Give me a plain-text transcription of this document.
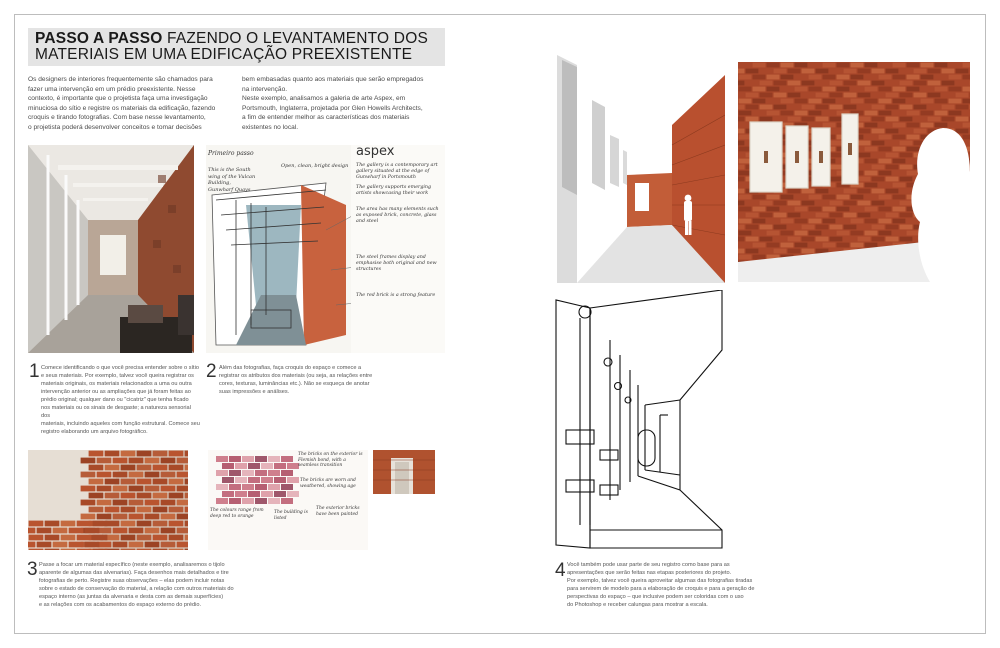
PASSO A PASSO FAZENDO O LEVANTAMENTO DOS
MATERIAIS EM UMA EDIFICAÇÃO PREEXISTENTE
Os designers de interiores frequentemente são chamados para
fazer uma intervenção em um prédio preexistente. Nesse
contexto, é importante que o projetista faça uma investigação
minuciosa do sítio e registre os materiais da edificação, fazendo
croquis e tirando fotografias. Com base nesse levantamento,
o projetista poderá desenvolver conceitos e tomar decisões
bem embasadas quanto aos materiais que serão empregados
na intervenção.
Neste exemplo, analisamos a galeria de arte Aspex, em
Portsmouth, Inglaterra, projetada por Glen Howells Architects,
a fim de entender melhor as características dos materiais
existentes no local.
Primeiro passo	aspex
This is the South wing of the Vulcan Building, Gunwharf Quays
Open, clean, bright design	The gallery is a contemporary art gallery situated at the edge of Gunwharf in Portsmouth
The gallery supports emerging artists showcasing their work
The area has many elements such as exposed brick, concrete, glass and steel
The steel frames display and emphasise both original and new structures
The red brick is a strong feature
1 Comece identificando o que você precisa entender sobre o sítio
e seus materiais. Por exemplo, talvez você queira registrar os
materiais originais, os materiais relacionados a uma ou outra
intervenção anterior ou as ampliações que já foram feitas ao
prédio original; qualquer dano ou "cicatriz" que tenha ficado
nos materiais ou os sinais de desgaste; a natureza sensorial dos
materiais, incluindo aqueles com função estrutural. Comece seu
registro elaborando um arquivo fotográfico.
2 Além das fotografias, faça croquis do espaço e comece a
registrar os atributos dos materiais (ou seja, as relações entre
cores, texturas, luminâncias etc.). Não se esqueça de anotar
suas impressões e análises.
The bricks on the exterior is Flemish bond, with a seamless transition
The bricks are worn and weathered, showing age
The colours range from deep red to orange
The building is listed
The exterior bricks have been painted
3 Passe a focar um material específico (neste exemplo, analisaremos o tijolo
aparente de algumas das alvenarias). Faça desenhos mais detalhados e tire
fotografias de perto. Registre suas observações – elas podem incluir notas
sobre o estado de conservação do material, a relação com outros materiais do
espaço interno (as juntas da alvenaria e desta com as demais superfícies)
e as relações com os acabamentos do espaço externo do prédio.
4 Você também pode usar parte de seu registro como base para as
apresentações que serão feitas nas etapas posteriores do projeto.
Por exemplo, talvez você queira aproveitar algumas das fotografias tiradas
para servirem de modelo para a elaboração de croquis e para a geração de
perspectivas do espaço – que inclusive podem ser coloridas com o uso
do Photoshop e receber calungas para mostrar a escala.
